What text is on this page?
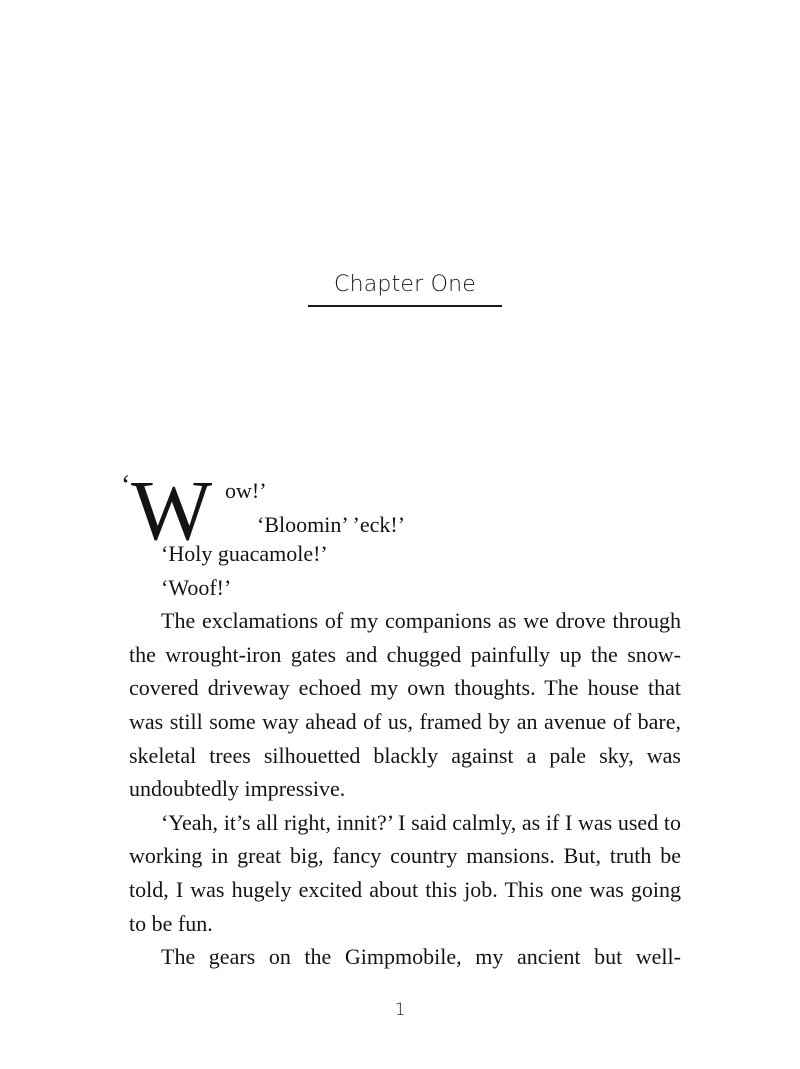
Chapter One
‘ W ow!’
‘Bloomin’ ’eck!’

‘Holy guacamole!’

‘Woof!’

The exclamations of my companions as we drove through the wrought-iron gates and chugged painfully up the snow-covered driveway echoed my own thoughts. The house that was still some way ahead of us, framed by an avenue of bare, skeletal trees silhouetted blackly against a pale sky, was undoubtedly impressive.

‘Yeah, it’s all right, innit?’ I said calmly, as if I was used to working in great big, fancy country mansions. But, truth be told, I was hugely excited about this job. This one was going to be fun.

The gears on the Gimpmobile, my ancient but well-

1
